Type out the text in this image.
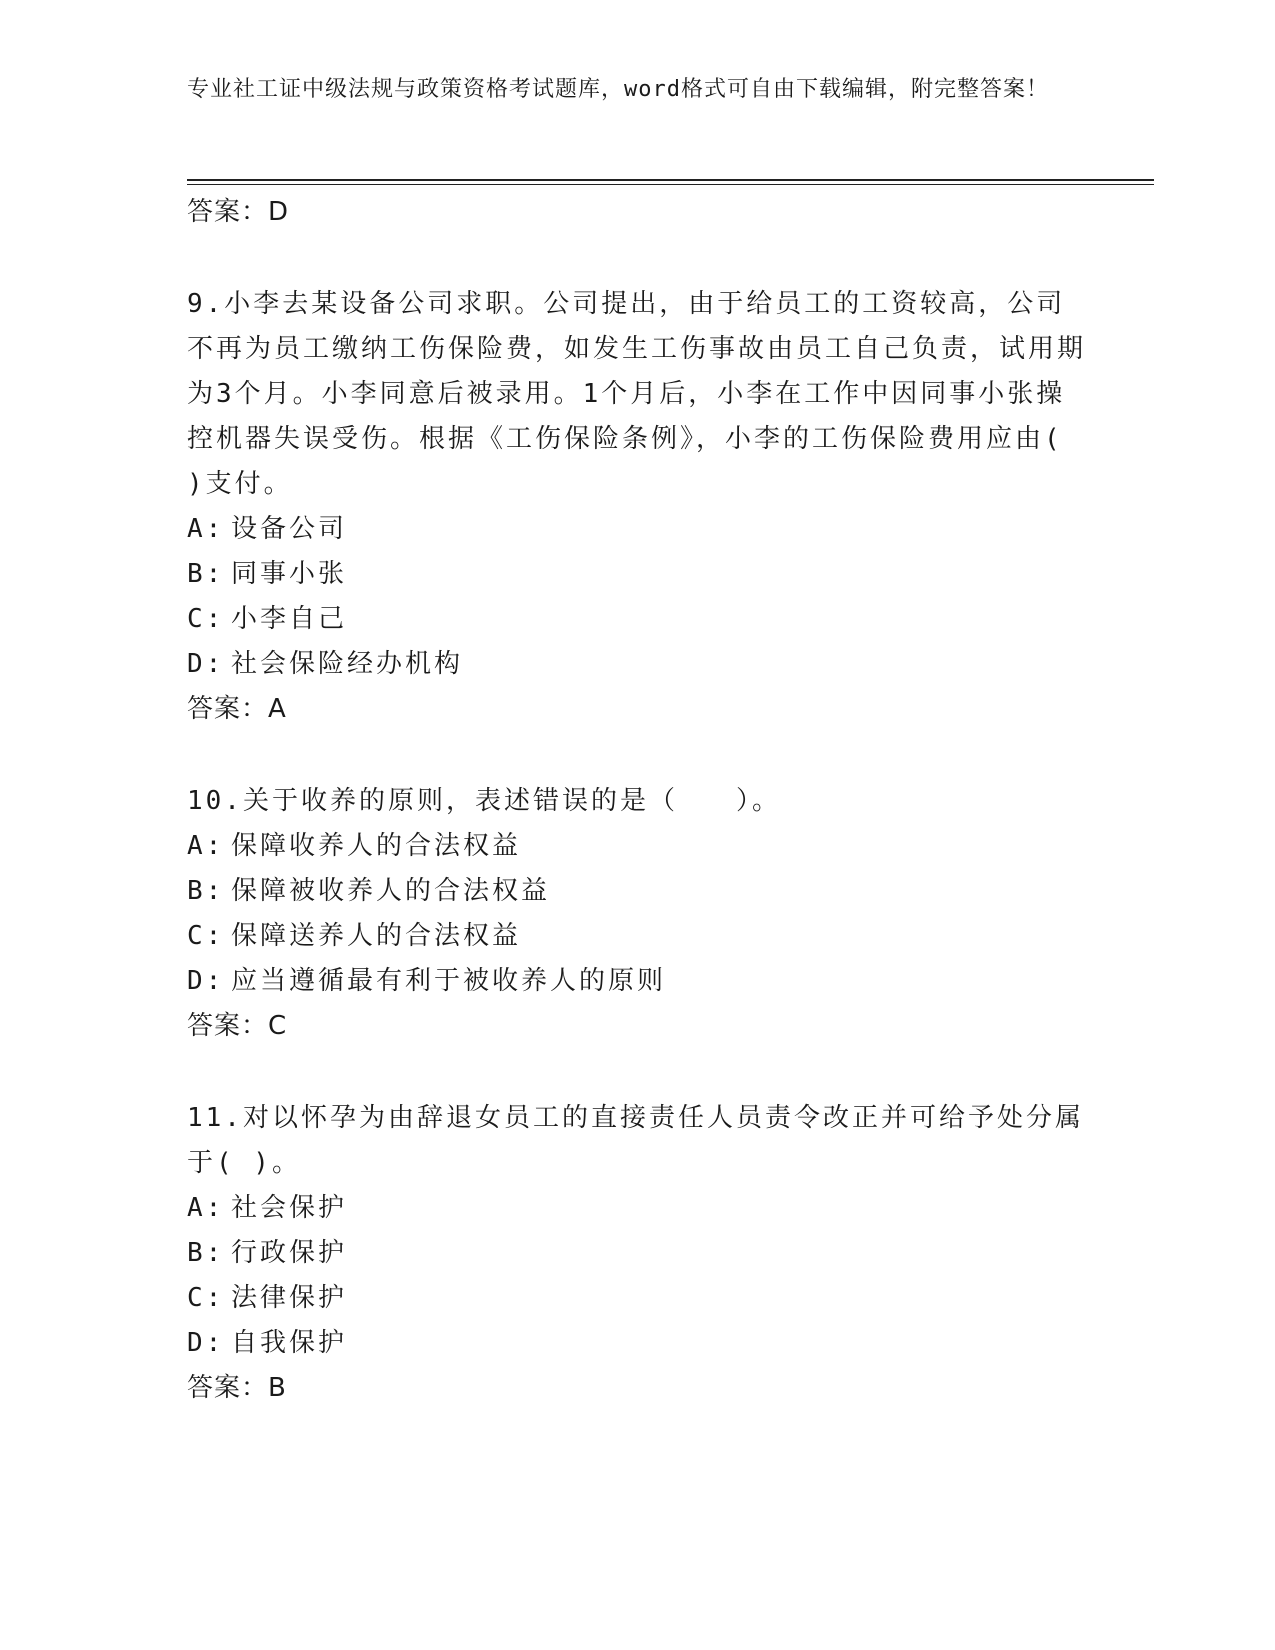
专业社工证中级法规与政策资格考试题库，word格式可自由下载编辑，附完整答案！
答案：D
9.小李去某设备公司求职。公司提出，由于给员工的工资较高，公司不再为员工缴纳工伤保险费，如发生工伤事故由员工自己负责，试用期为3个月。小李同意后被录用。1个月后，小李在工作中因同事小张操控机器失误受伤。根据《工伤保险条例》，小李的工伤保险费用应由( )支付。
A: 设备公司
B: 同事小张
C: 小李自己
D: 社会保险经办机构
答案：A
10.关于收养的原则，表述错误的是（　　）。
A: 保障收养人的合法权益
B: 保障被收养人的合法权益
C: 保障送养人的合法权益
D: 应当遵循最有利于被收养人的原则
答案：C
11.对以怀孕为由辞退女员工的直接责任人员责令改正并可给予处分属于( )。
A: 社会保护
B: 行政保护
C: 法律保护
D: 自我保护
答案：B
